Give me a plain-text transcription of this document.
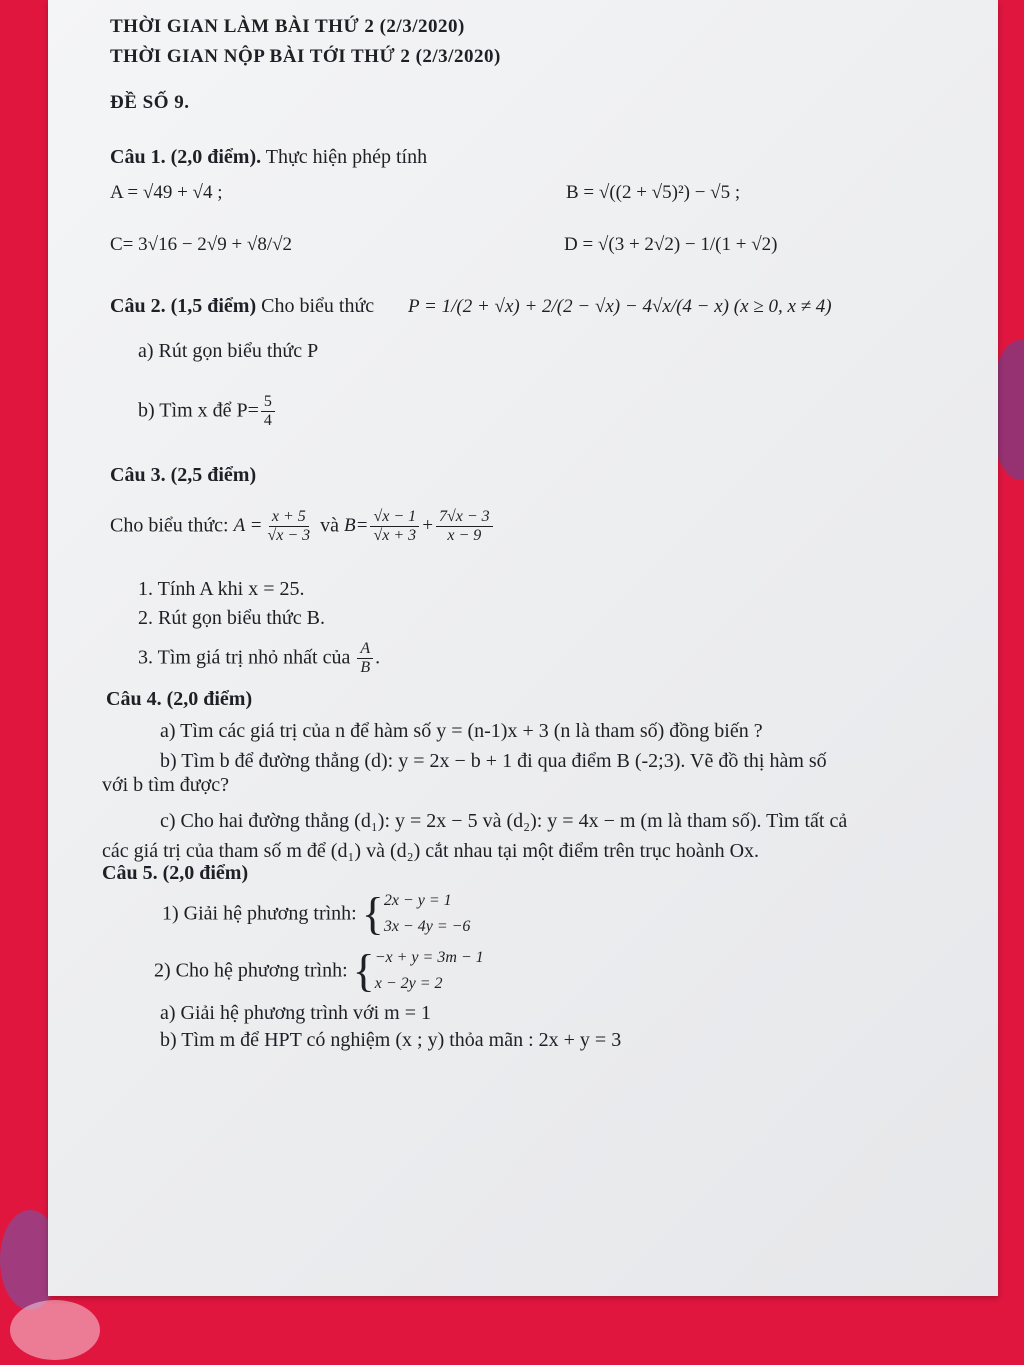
THỜI GIAN LÀM BÀI THỨ 2 (2/3/2020)
THỜI GIAN NỘP BÀI TỚI THỨ 2 (2/3/2020)
ĐỀ SỐ 9.
Câu 1. (2,0 điểm). Thực hiện phép tính
A = √49 + √4 ;	B = √((2 + √5)²) − √5 ;
C= 3√16 − 2√9 + √8/√2	D = √(3 + 2√2) − 1/(1 + √2)
Câu 2. (1,5 điểm) Cho biểu thức P = 1/(2 + √x) + 2/(2 − √x) − 4√x/(4 − x) (x ≥ 0, x ≠ 4)
a) Rút gọn biểu thức P
b) Tìm x để $P= \frac{5}{4}$
Câu 3. (2,5 điểm)
Cho biểu thức: $A = \frac{x + 5}{√x - 3}$ và $B= \frac{√x - 1}{√x + 3} + \frac{7√x - 3}{x - 9}$
1. Tính A khi x = 25.
2. Rút gọn biểu thức B.
3. Tìm giá trị nhỏ nhất của $\frac{A}{B}$ .
Câu 4. (2,0 điểm)
a) Tìm các giá trị của n để hàm số y = (n-1)x + 3 (n là tham số) đồng biến ?
b) Tìm b để đường thẳng (d): y = 2x − b + 1 đi qua điểm B (-2;3). Vẽ đồ thị hàm số
với b tìm được?
c) Cho hai đường thẳng (d₁): y = 2x − 5 và (d₂): y = 4x − m (m là tham số). Tìm tất cả
các giá trị của tham số m để (d₁) và (d₂) cắt nhau tại một điểm trên trục hoành Ox.
Câu 5. (2,0 điểm)
1) Giải hệ phương trình: { 2x − y = 1
3x − 4y = −6
2) Cho hệ phương trình: { −x + y = 3m − 1
x − 2y = 2
a) Giải hệ phương trình với m = 1
b) Tìm m để HPT có nghiệm (x ; y) thỏa mãn : 2x + y = 3
